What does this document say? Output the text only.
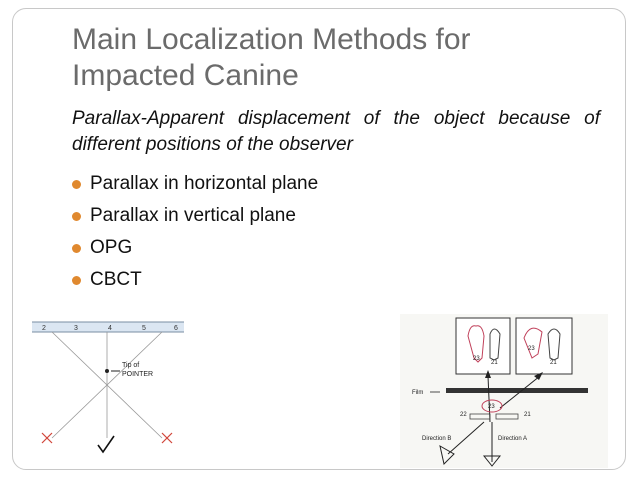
Main Localization Methods for
Impacted Canine

Parallax-Apparent displacement of the object because of different positions of the observer

Parallax in horizontal plane
Parallax in vertical plane
OPG
CBCT
2	3	4	5	6
Tip of
POINTER
23
21
23
21
Film
23
22	21
Direction B	Direction A
